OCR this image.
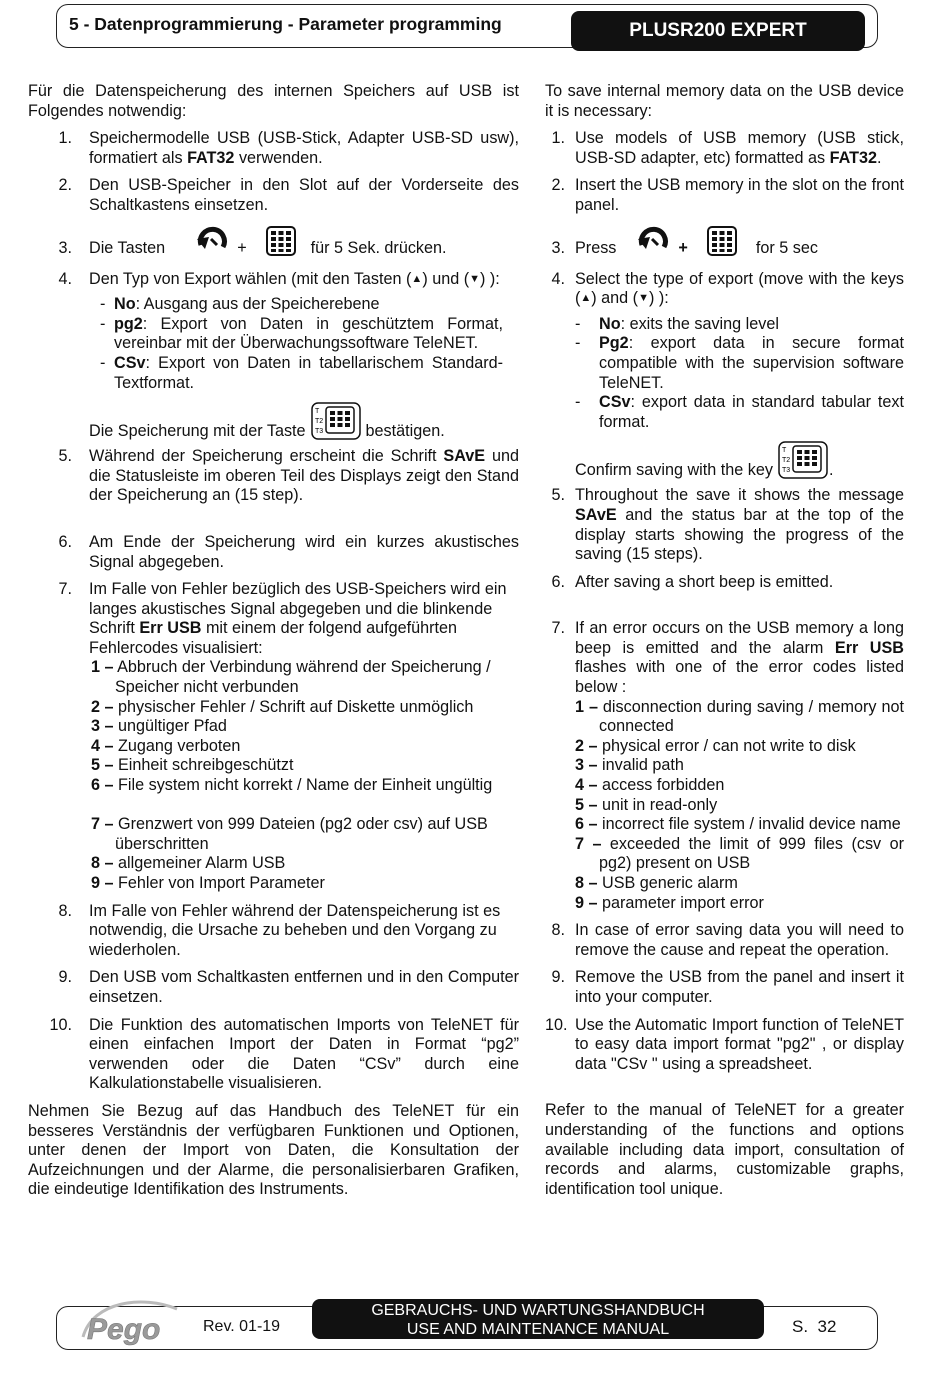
5 - Datenprogrammierung - Parameter programming	PLUSR200 EXPERT

Für die Datenspeicherung des internen Speichers auf USB ist Folgendes notwendig:

1.	Speichermodelle USB (USB-Stick, Adapter USB-SD usw), formatiert als FAT32 verwenden.
2.	Den USB-Speicher in den Slot auf der Vorderseite des Schaltkastens einsetzen.
3.	Die Tasten	+	für 5 Sek. drücken.
4.	Den Typ von Export wählen (mit den Tasten (▲) und (▼) ):
- No: Ausgang aus der Speicherebene
- pg2: Export von Daten in geschütztem Format, vereinbar mit der Überwachungssoftware TeleNET.
- CSv: Export von Daten in tabellarischem Standard-Textformat.
Die Speicherung mit der Taste
T
T2
T3	bestätigen.
5.	Während der Speicherung erscheint die Schrift SAvE und die Statusleiste im oberen Teil des Displays zeigt den Stand der Speicherung an (15 step).
6.	Am Ende der Speicherung wird ein kurzes akustisches Signal abgegeben.
7.	Im Falle von Fehler bezüglich des USB-Speichers wird ein langes akustisches Signal abgegeben und die blinkende Schrift Err USB mit einem der folgend aufgeführten Fehlercodes visualisiert:
1 – Abbruch der Verbindung während der Speicherung / Speicher nicht verbunden
2 – physischer Fehler / Schrift auf Diskette unmöglich
3 – ungültiger Pfad
4 – Zugang verboten
5 – Einheit schreibgeschützt
6 – File system nicht korrekt / Name der Einheit ungültig
7 – Grenzwert von 999 Dateien (pg2 oder csv) auf USB überschritten
8 – allgemeiner Alarm USB
9 – Fehler von Import Parameter
8.	Im Falle von Fehler während der Datenspeicherung ist es notwendig, die Ursache zu beheben und den Vorgang zu wiederholen.
9.	Den USB vom Schaltkasten entfernen und in den Computer einsetzen.
10.	Die Funktion des automatischen Imports von TeleNET für einen einfachen Import der Daten in Format “pg2” verwenden oder die Daten “CSv” durch eine Kalkulationstabelle visualisieren.

Nehmen Sie Bezug auf das Handbuch des TeleNET für ein besseres Verständnis der verfügbaren Funktionen und Optionen, unter denen der Import von Daten, die Konsultation der Aufzeichnungen und der Alarme, die personalisierbaren Grafiken, die eindeutige Identifikation des Instruments.

To save internal memory data on the USB device it is necessary:

1. Use models of USB memory (USB stick, USB-SD adapter, etc) formatted as FAT32.
2. Insert the USB memory in the slot on the front panel.
3. Press	+	for 5 sec
4. Select the type of export (move with the keys (▲) and (▼) ):
-	No: exits the saving level
-	Pg2: export data in secure format compatible with the supervision software TeleNET.
-	CSv: export data in standard tabular text format.
Confirm saving with the key
T
T2
T3 .
5. Throughout the save it shows the message SAvE and the status bar at the top of the display starts showing the progress of the saving (15 steps).
6. After saving a short beep is emitted.
7. If an error occurs on the USB memory a long beep is emitted and the alarm Err USB flashes with one of the error codes listed below :
1 – disconnection during saving / memory not connected
2 – physical error / can not write to disk
3 – invalid path
4 – access forbidden
5 – unit in read-only
6 – incorrect file system / invalid device name
7 – exceeded the limit of 999 files (csv or pg2) present on USB
8 – USB generic alarm
9 – parameter import error
8. In case of error saving data you will need to remove the cause and repeat the operation.
9. Remove the USB from the panel and insert it into your computer.
10. Use the Automatic Import function of TeleNET to easy data import format "pg2" , or display data "CSv " using a spreadsheet.

Refer to the manual of TeleNET for a greater understanding of the functions and options available including data import, consultation of records and alarms, customizable graphs, identification tool unique.

Pego	Rev. 01-19
GEBRAUCHS- UND WARTUNGSHANDBUCH
USE AND MAINTENANCE MANUAL	S.  32
